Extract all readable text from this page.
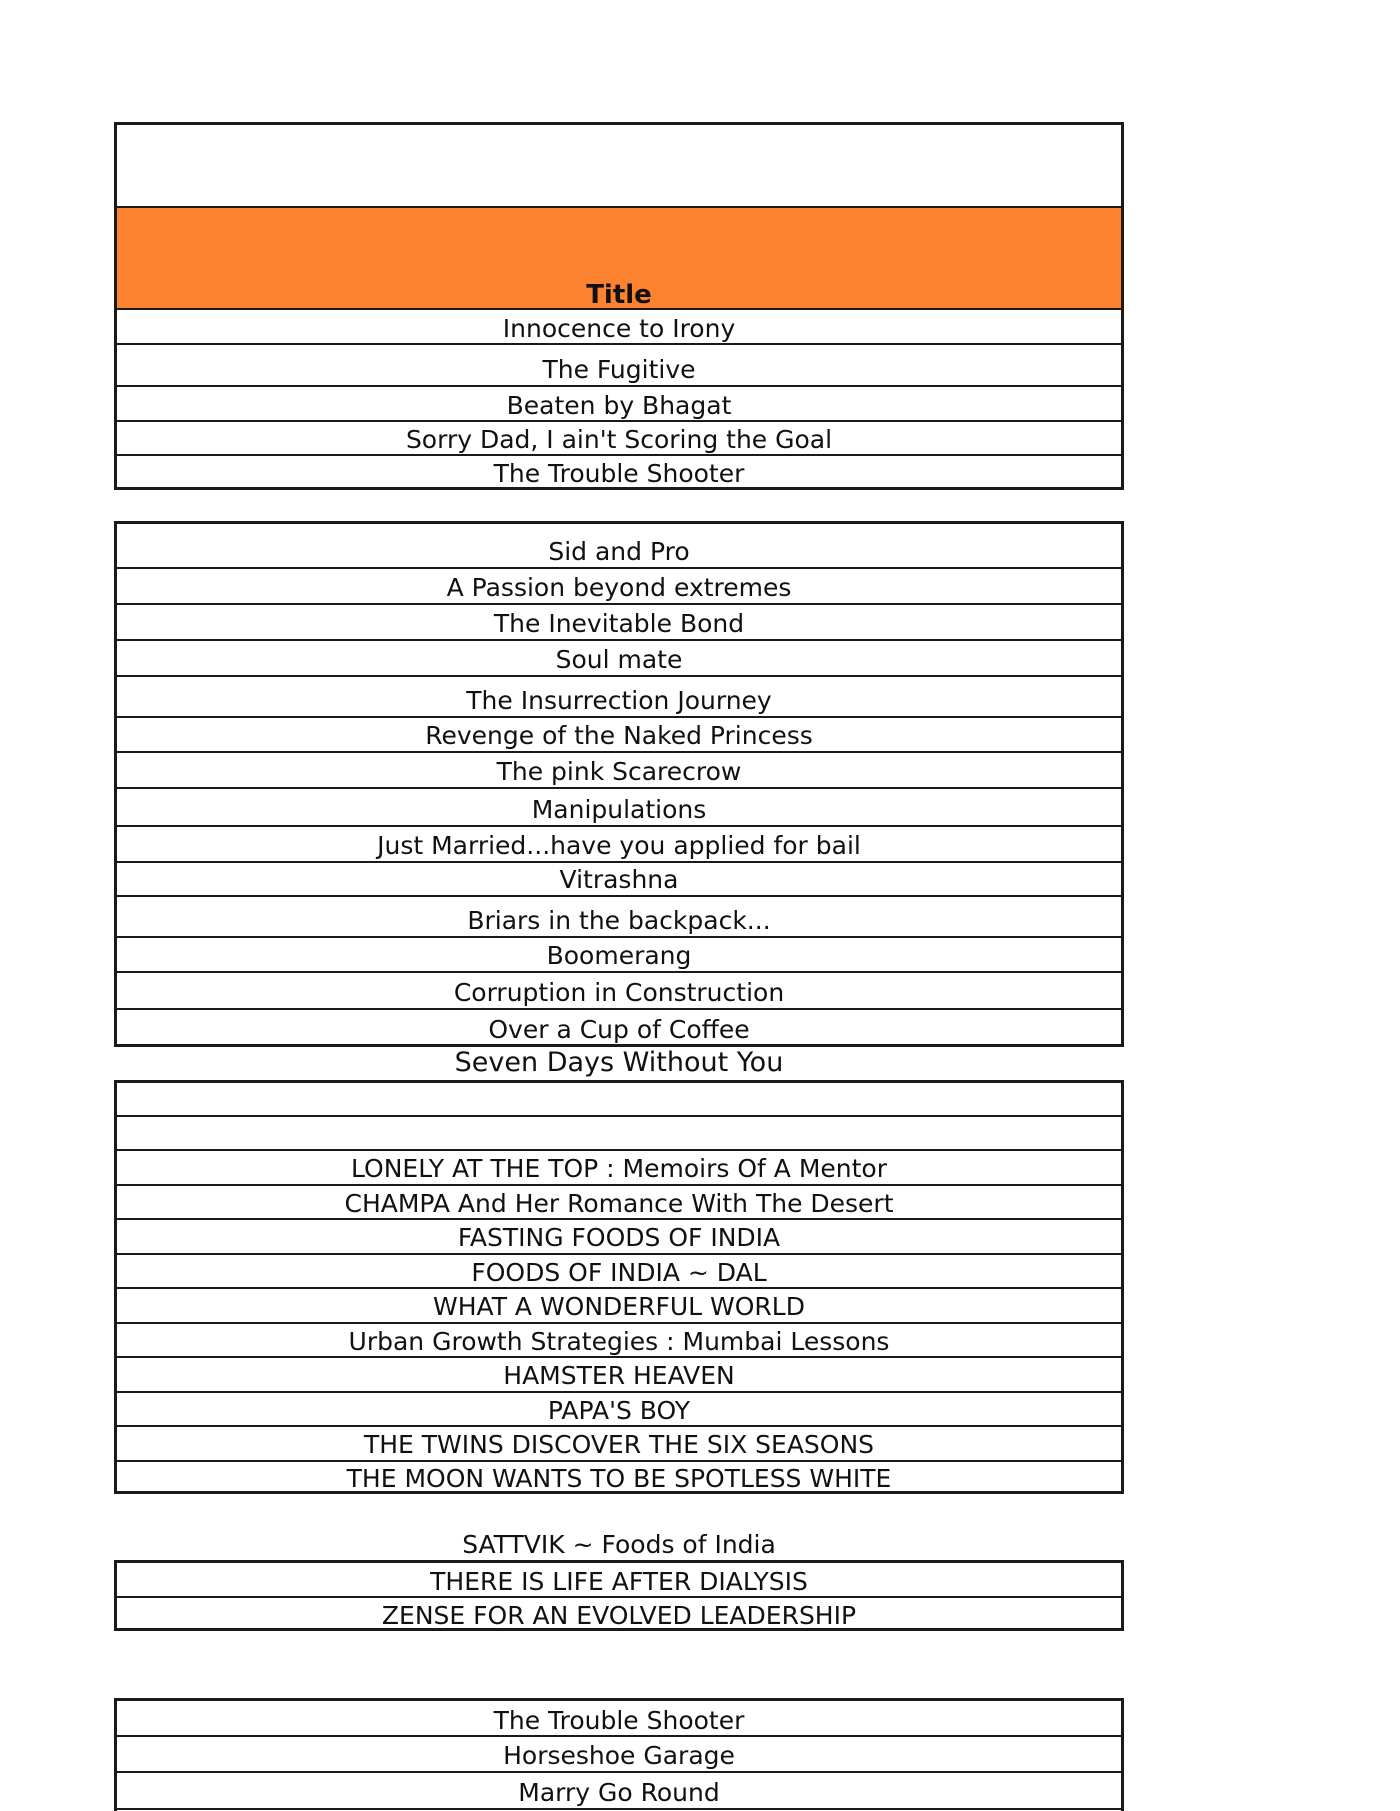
Title
Innocence to Irony
The Fugitive
Beaten by Bhagat
Sorry Dad, I ain't Scoring the Goal
The Trouble Shooter
Sid and Pro
A Passion beyond extremes
The Inevitable Bond
Soul mate
The Insurrection Journey
Revenge of the Naked Princess
The pink Scarecrow
Manipulations
Just Married...have you applied for bail
Vitrashna
Briars in the backpack...
Boomerang
Corruption in Construction
Over a Cup of Coffee
Seven Days Without You
LONELY AT THE TOP : Memoirs Of A Mentor
CHAMPA And Her Romance With The Desert
FASTING FOODS OF INDIA
FOODS OF INDIA ~ DAL
WHAT A WONDERFUL WORLD
Urban Growth Strategies : Mumbai Lessons
HAMSTER HEAVEN
PAPA'S BOY
THE TWINS DISCOVER THE SIX SEASONS
THE MOON WANTS TO BE SPOTLESS WHITE
SATTVIK ~ Foods of India
THERE IS LIFE AFTER DIALYSIS
ZENSE FOR AN EVOLVED LEADERSHIP
The Trouble Shooter
Horseshoe Garage
Marry Go Round
